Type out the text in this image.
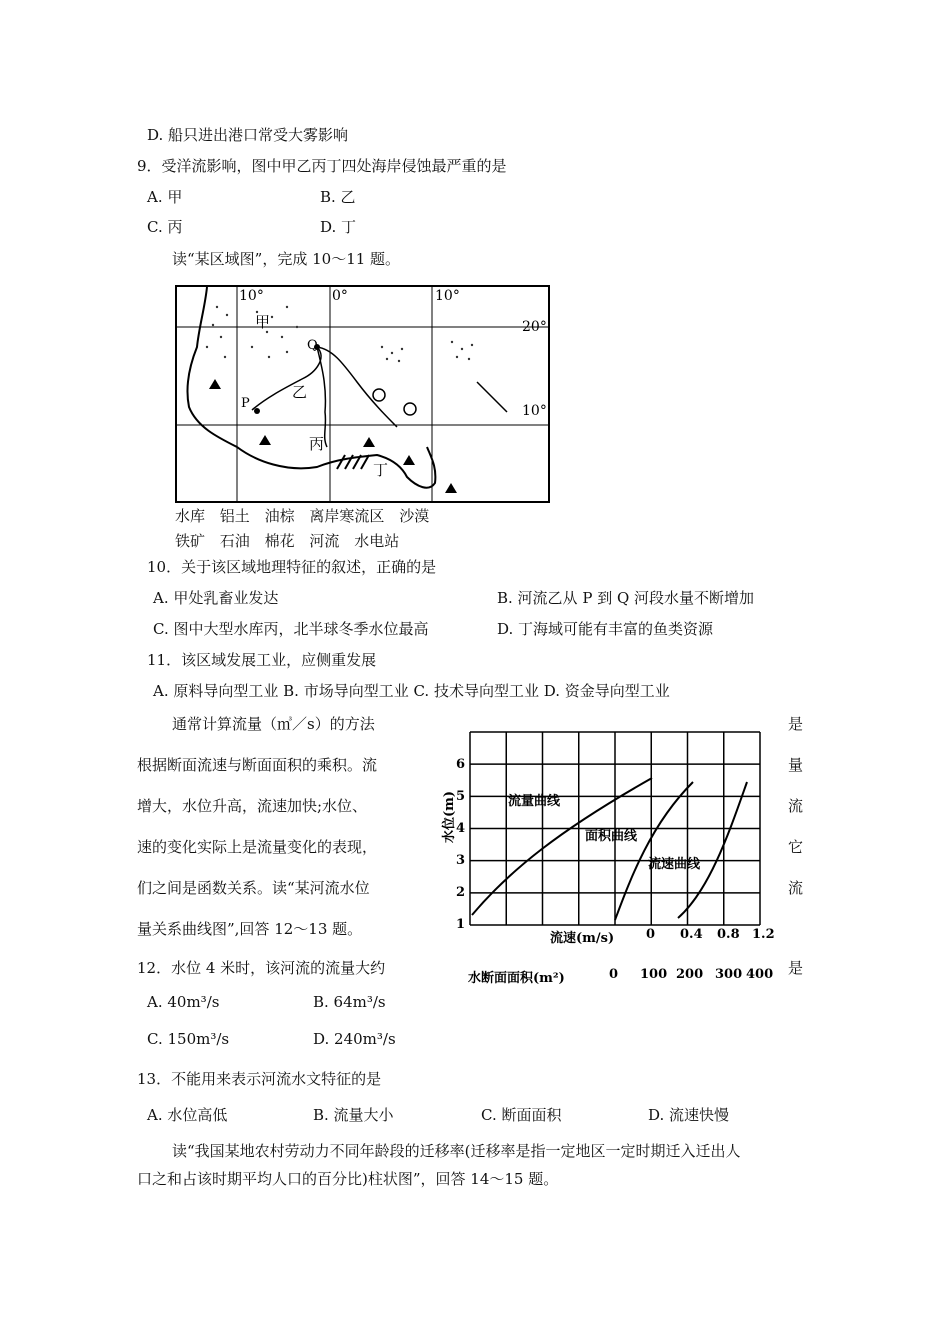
D. 船只进出港口常受大雾影响
9．受洋流影响，图中甲乙丙丁四处海岸侵蚀最严重的是
A. 甲	B. 乙
C. 丙	D. 丁
读“某区域图”，完成 10～11 题。
10°	0°	10°
20°
10°
甲
乙
丙
丁
P
Q
水库 铝土 油棕 离岸寒流区 沙漠
铁矿 石油 棉花 河流 水电站
10．关于该区域地理特征的叙述，正确的是
A. 甲处乳畜业发达	B. 河流乙从 P 到 Q 河段水量不断增加
C. 图中大型水库丙，北半球冬季水位最高	D. 丁海域可能有丰富的鱼类资源
11．该区域发展工业，应侧重发展
A. 原料导向型工业 B. 市场导向型工业 C. 技术导向型工业 D. 资金导向型工业
通常计算流量（㎥／s）的方法	是
根据断面流速与断面面积的乘积。流	量
增大，水位升高，流速加快;水位、	流
速的变化实际上是流量变化的表现，	它
们之间是函数关系。读“某河流水位	流
量关系曲线图”,回答 12～13 题。
12．水位 4 米时，该河流的流量大约	是
水位(m)
1
2
3
4
5
6
流量曲线
面积曲线
流速曲线
流速(m/s) 0 0.4 0.8 1.2
水断面面积(m²)	0 100 200 300 400
A. 40m³/s	B. 64m³/s
C. 150m³/s	D. 240m³/s
13．不能用来表示河流水文特征的是
A. 水位高低	B. 流量大小	C. 断面面积	D. 流速快慢
读“我国某地农村劳动力不同年龄段的迁移率(迁移率是指一定地区一定时期迁入迁出人
口之和占该时期平均人口的百分比)柱状图”，回答 14～15 题。
